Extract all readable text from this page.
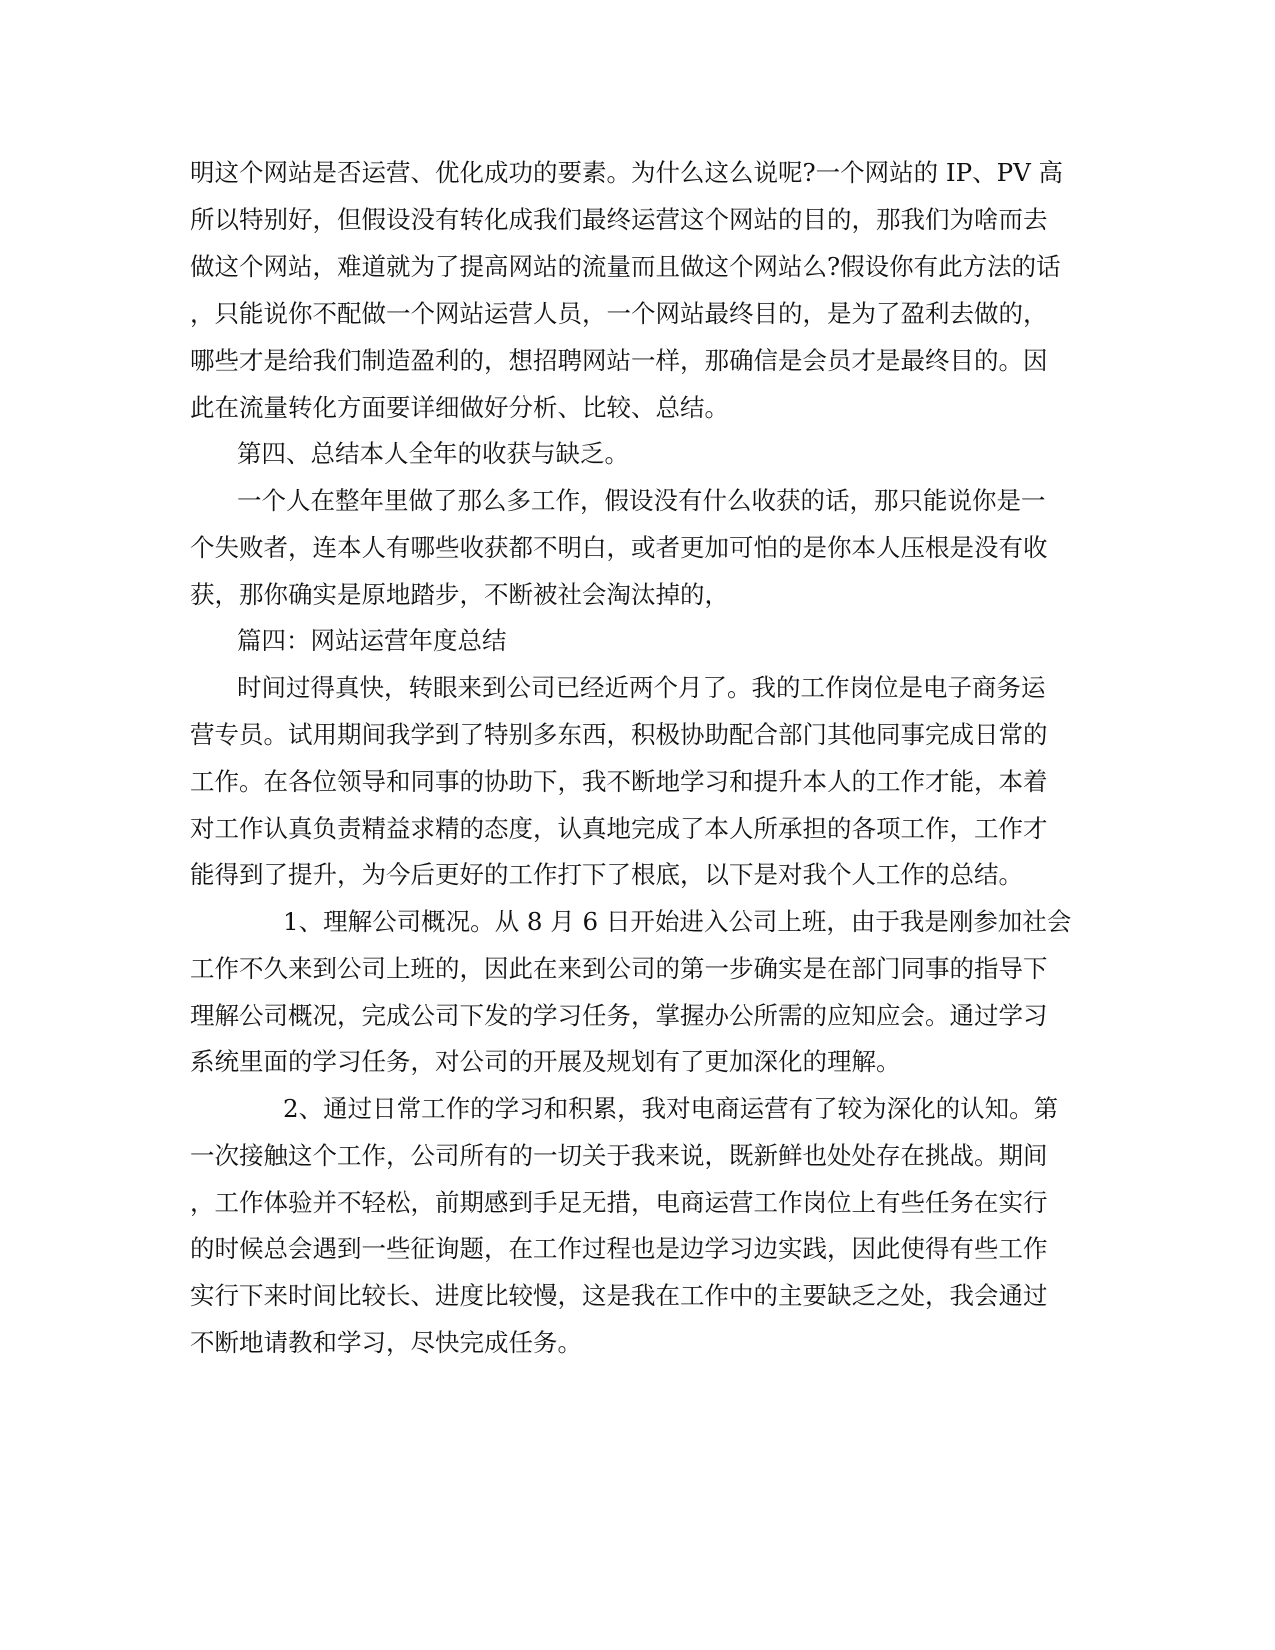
明这个网站是否运营、优化成功的要素。为什么这么说呢?一个网站的 IP、PV 高
所以特别好，但假设没有转化成我们最终运营这个网站的目的，那我们为啥而去
做这个网站，难道就为了提高网站的流量而且做这个网站么?假设你有此方法的话
，只能说你不配做一个网站运营人员，一个网站最终目的，是为了盈利去做的，
哪些才是给我们制造盈利的，想招聘网站一样，那确信是会员才是最终目的。因
此在流量转化方面要详细做好分析、比较、总结。
第四、总结本人全年的收获与缺乏。
一个人在整年里做了那么多工作，假设没有什么收获的话，那只能说你是一
个失败者，连本人有哪些收获都不明白，或者更加可怕的是你本人压根是没有收
获，那你确实是原地踏步，不断被社会淘汰掉的，
篇四：网站运营年度总结
时间过得真快，转眼来到公司已经近两个月了。我的工作岗位是电子商务运
营专员。试用期间我学到了特别多东西，积极协助配合部门其他同事完成日常的
工作。在各位领导和同事的协助下，我不断地学习和提升本人的工作才能，本着
对工作认真负责精益求精的态度，认真地完成了本人所承担的各项工作，工作才
能得到了提升，为今后更好的工作打下了根底，以下是对我个人工作的总结。
1、理解公司概况。从 8 月 6 日开始进入公司上班，由于我是刚参加社会
工作不久来到公司上班的，因此在来到公司的第一步确实是在部门同事的指导下
理解公司概况，完成公司下发的学习任务，掌握办公所需的应知应会。通过学习
系统里面的学习任务，对公司的开展及规划有了更加深化的理解。
2、通过日常工作的学习和积累，我对电商运营有了较为深化的认知。第
一次接触这个工作，公司所有的一切关于我来说，既新鲜也处处存在挑战。期间
，工作体验并不轻松，前期感到手足无措，电商运营工作岗位上有些任务在实行
的时候总会遇到一些征询题，在工作过程也是边学习边实践，因此使得有些工作
实行下来时间比较长、进度比较慢，这是我在工作中的主要缺乏之处，我会通过
不断地请教和学习，尽快完成任务。
